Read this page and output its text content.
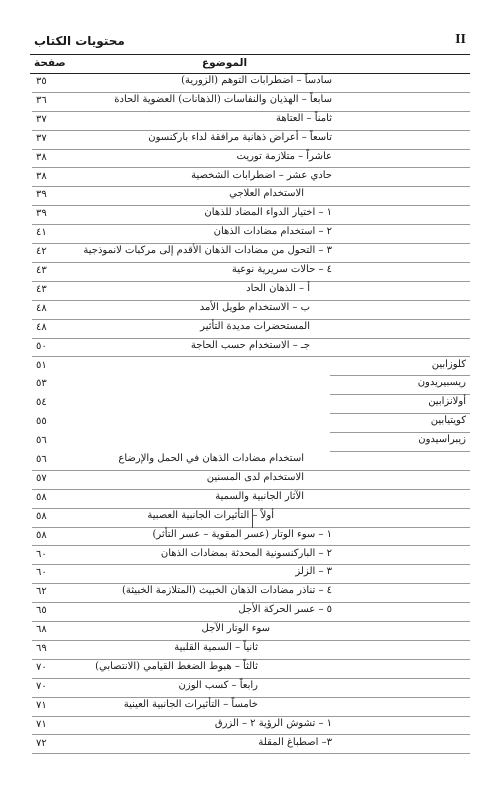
محتويات الكتاب	II
صفحة	الموضوع
٣٥	سادساً – اضطرابات التوهم (الزورية)
٣٦	سابعاً – الهذيان والنفاسات (الذهانات) العضوية الحادة
٣٧	ثامناً – العتاهة
٣٧	تاسعاً – أعراض ذهانية مرافقة لداء باركنسون
٣٨	عاشراً – متلازمة توريت
٣٨	حادي عشر – اضطرابات الشخصية
٣٩	الاستخدام العلاجي
٣٩	١ – اختيار الدواء المضاد للذهان
٤١	٢ – استخدام مضادات الذهان
٤٢	٣ – التحول من مضادات الذهان الأقدم إلى مركبات لانموذجية
٤٣	٤ – حالات سريرية نوعية
٤٣	أ – الذهان الحاد
٤٨	ب – الاستخدام طويل الأمد
٤٨	المستحضرات مديدة التأثير
٥٠	جـ – الاستخدام حسب الحاجة
٥١	كلوزابين
٥٣	ريسبيريدون
٥٤	أولانزابين
٥٥	كويتيابين
٥٦	زيبراسيدون
٥٦	استخدام مضادات الذهان في الحمل والإرضاع
٥٧	الاستخدام لدى المسنين
٥٨	الآثار الجانبية والسمية
٥٨	أولاً – التأثيرات الجانبية العصبية
٥٨	١ – سوء الوتار (عسر المقوية – عسر التأثر)
٦٠	٢ – الباركنسونية المحدثة بمضادات الذهان
٦٠	٣ – الزلز
٦٢	٤ – تناذر مضادات الذهان الخبيث (المتلازمة الخبيثة)
٦٥	٥ – عسر الحركة الأجل
٦٨	سوء الوتار الآجل
٦٩	ثانياً – السمية القلبية
٧٠	ثالثاً – هبوط الضغط القيامي (الانتصابي)
٧٠	رابعاً – كسب الوزن
٧١	خامساً – التأثيرات الجانبية العينية
٧١	١ – تشوش الرؤية ٢ – الزرق
٧٢	٣– اصطباغ المقلة
